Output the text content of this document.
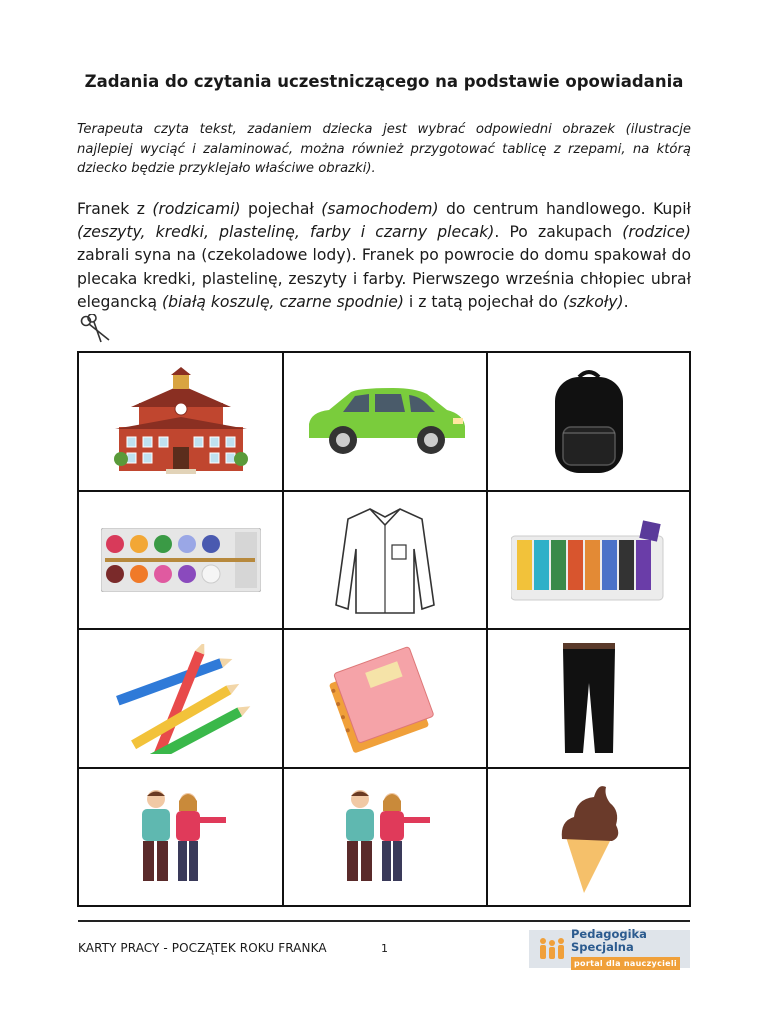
Zadania do czytania uczestniczącego na podstawie opowiadania
Terapeuta czyta tekst, zadaniem dziecka jest wybrać odpowiedni obrazek (ilustracje najlepiej wyciąć i zalaminować, można również przygotować tablicę z rzepami, na którą dziecko będzie przyklejało właściwe obrazki).
Franek z (rodzicami) pojechał (samochodem) do centrum handlowego. Kupił (zeszyty, kredki, plastelinę, farby i czarny plecak). Po zakupach (rodzice) zabrali syna na (czekoladowe lody). Franek po powrocie do domu spakował do plecaka kredki, plastelinę, zeszyty i farby. Pierwszego września chłopiec ubrał elegancką (białą koszulę, czarne spodnie) i z tatą pojechał do (szkoły).
KARTY PRACY - POCZĄTEK ROKU FRANKA	1
Pedagogika Specjalna
portal dla nauczycieli
